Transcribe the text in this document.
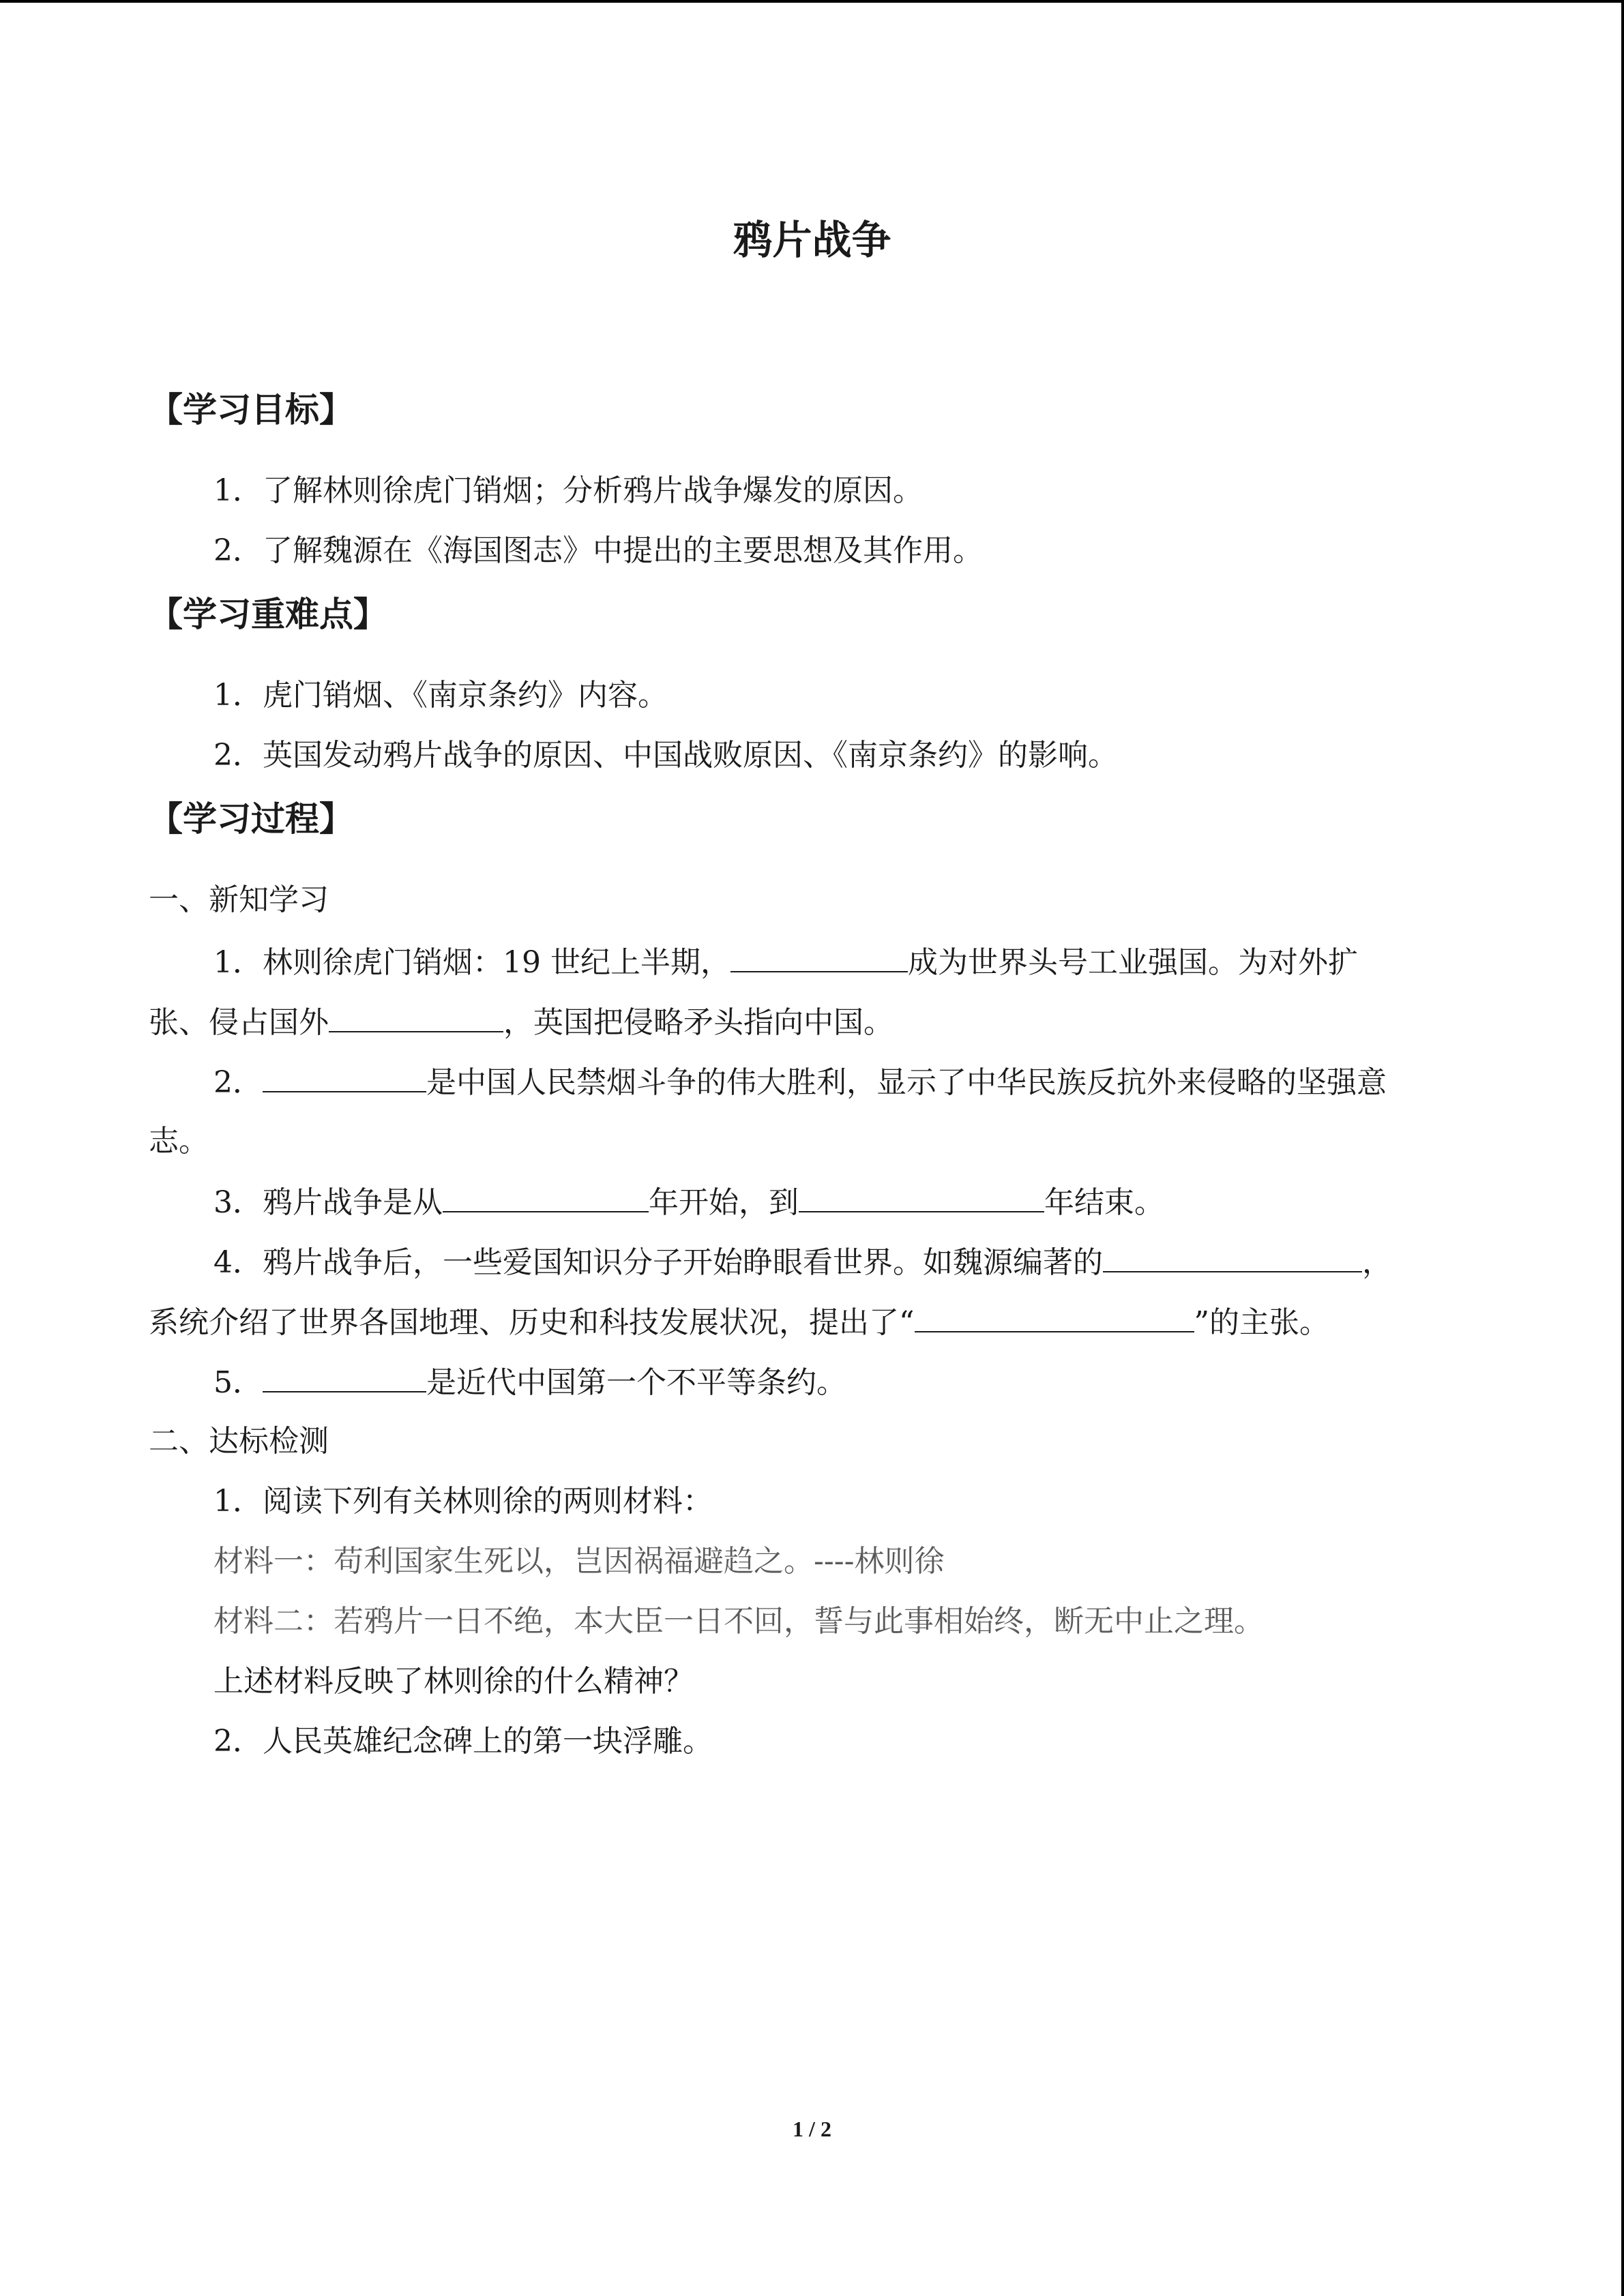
鸦片战争
【学习目标】
1．了解林则徐虎门销烟；分析鸦片战争爆发的原因。
2．了解魏源在《海国图志》中提出的主要思想及其作用。
【学习重难点】
1．虎门销烟、《南京条约》内容。
2．英国发动鸦片战争的原因、中国战败原因、《南京条约》的影响。
【学习过程】
一、新知学习
1．林则徐虎门销烟：19 世纪上半期，	成为世界头号工业强国。为对外扩
张、侵占国外	，英国把侵略矛头指向中国。
2．	是中国人民禁烟斗争的伟大胜利，显示了中华民族反抗外来侵略的坚强意
志。
3．鸦片战争是从	年开始，到	年结束。
4．鸦片战争后，一些爱国知识分子开始睁眼看世界。如魏源编著的	，
系统介绍了世界各国地理、历史和科技发展状况，提出了“	”的主张。
5．	是近代中国第一个不平等条约。
二、达标检测
1．阅读下列有关林则徐的两则材料：
材料一：苟利国家生死以，岂因祸福避趋之。----林则徐
材料二：若鸦片一日不绝，本大臣一日不回，誓与此事相始终，断无中止之理。
上述材料反映了林则徐的什么精神？
2．人民英雄纪念碑上的第一块浮雕。
1 / 2
